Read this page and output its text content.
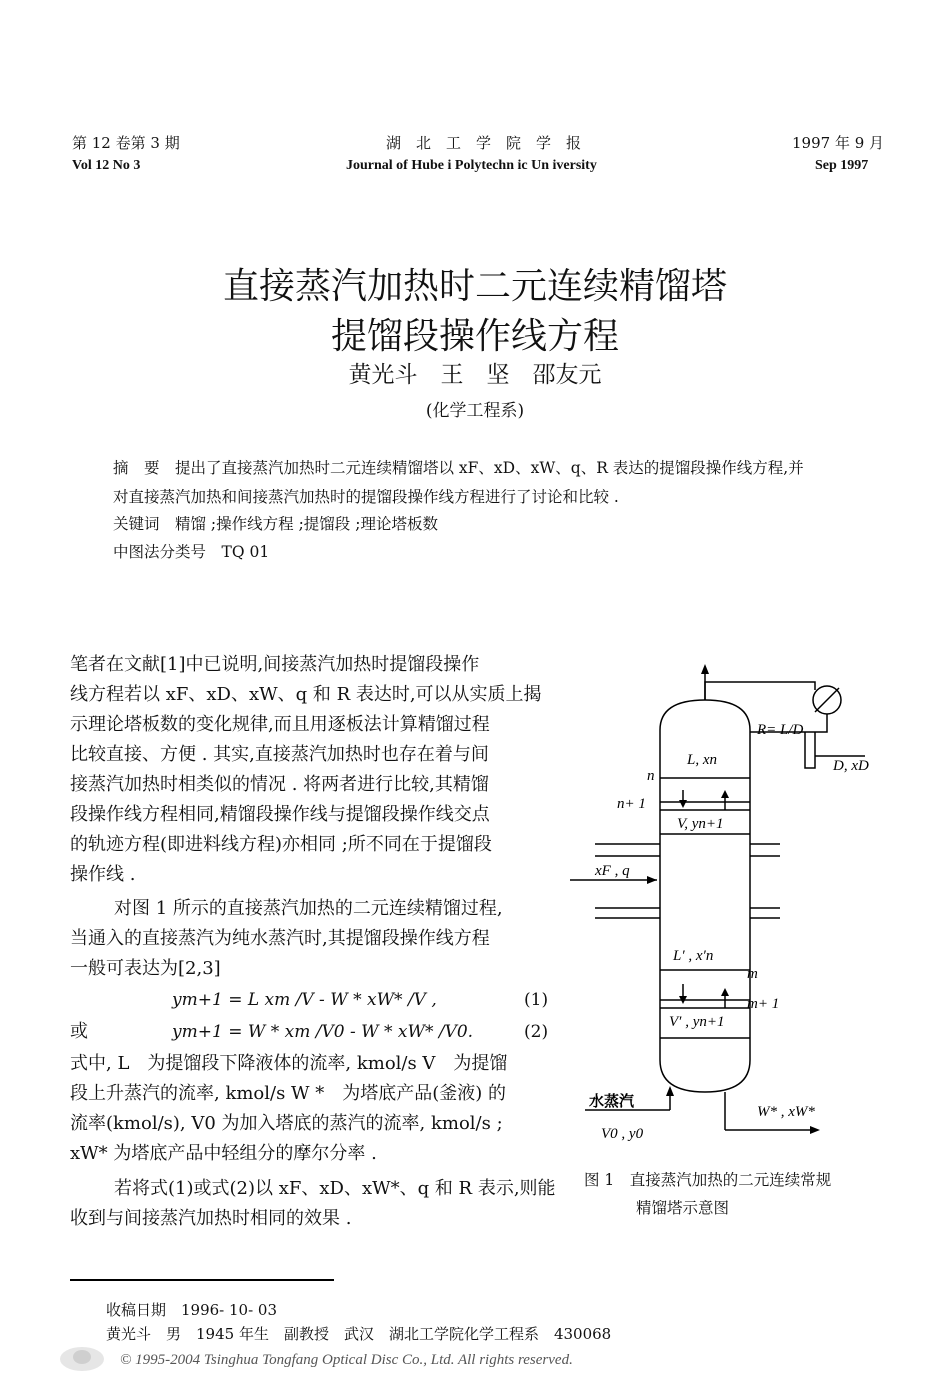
第 12 卷第 3 期	湖　北　工　学　院　学　报	1997 年 9 月
Vol 12 No 3	Journal of Hube i Polytechn ic Un iversity	Sep 1997
直接蒸汽加热时二元连续精馏塔
提馏段操作线方程
黄光斗　王　坚　邵友元
(化学工程系)
摘　要　提出了直接蒸汽加热时二元连续精馏塔以 xF、xD、xW、q、R 表达的提馏段操作线方程,并
对直接蒸汽加热和间接蒸汽加热时的提馏段操作线方程进行了讨论和比较 .
关键词　精馏 ;操作线方程 ;提馏段 ;理论塔板数
中图法分类号　TQ 01
笔者在文献[1]中已说明,间接蒸汽加热时提馏段操作
线方程若以 xF、xD、xW、q 和 R 表达时,可以从实质上揭
示理论塔板数的变化规律,而且用逐板法计算精馏过程
比较直接、方便 . 其实,直接蒸汽加热时也存在着与间
接蒸汽加热时相类似的情况 . 将两者进行比较,其精馏
段操作线方程相同,精馏段操作线与提馏段操作线交点
的轨迹方程(即进料线方程)亦相同 ;所不同在于提馏段
操作线 .
对图 1 所示的直接蒸汽加热的二元连续精馏过程,
当通入的直接蒸汽为纯水蒸汽时,其提馏段操作线方程
一般可表达为[2,3]
ym+1 = L xm /V - W * xW* /V ,	(1)
或	ym+1 = W * xm /V0 - W * xW* /V0.	(2)
式中, L　为提馏段下降液体的流率, kmol/s V　为提馏
段上升蒸汽的流率, kmol/s W *　为塔底产品(釜液) 的
流率(kmol/s), V0 为加入塔底的蒸汽的流率, kmol/s ;
xW* 为塔底产品中轻组分的摩尔分率 .
若将式(1)或式(2)以 xF、xD、xW*、q 和 R 表示,则能
收到与间接蒸汽加热时相同的效果 .
R= L/D
D, xD
L, xn
n
n+ 1
V, yn+1
xF , q
L′ , x′n
m
m+ 1
V′ , yn+1
V0 , y0
W* , xW*
水蒸汽
图 1　直接蒸汽加热的二元连续常规
精馏塔示意图
收稿日期　1996- 10- 03
黄光斗　男　1945 年生　副教授　武汉　湖北工学院化学工程系　430068
© 1995-2004 Tsinghua Tongfang Optical Disc Co., Ltd. All rights reserved.
